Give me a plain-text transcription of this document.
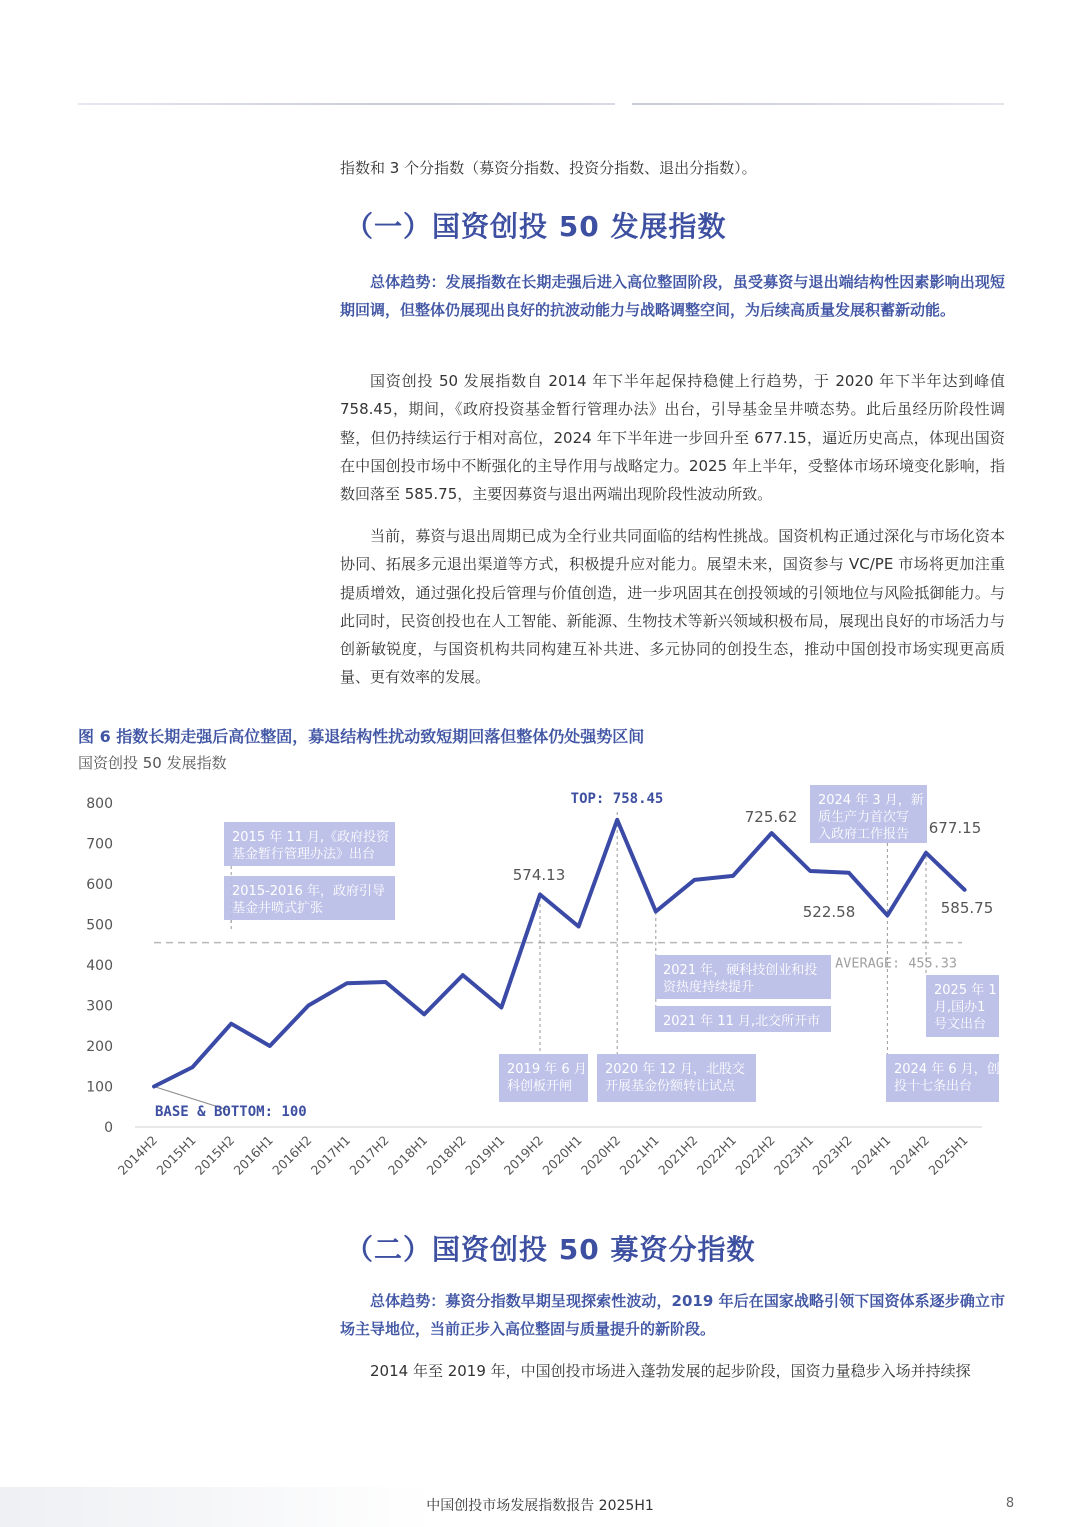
指数和 3 个分指数（募资分指数、投资分指数、退出分指数）。

（一）国资创投 50 发展指数

总体趋势：发展指数在长期走强后进入高位整固阶段，虽受募资与退出端结构性因素影响出现短期回调，但整体仍展现出良好的抗波动能力与战略调整空间，为后续高质量发展积蓄新动能。

国资创投 50 发展指数自 2014 年下半年起保持稳健上行趋势，于 2020 年下半年达到峰值 758.45，期间，《政府投资基金暂行管理办法》出台，引导基金呈井喷态势。此后虽经历阶段性调整，但仍持续运行于相对高位，2024 年下半年进一步回升至 677.15，逼近历史高点，体现出国资在中国创投市场中不断强化的主导作用与战略定力。2025 年上半年，受整体市场环境变化影响，指数回落至 585.75，主要因募资与退出两端出现阶段性波动所致。

当前，募资与退出周期已成为全行业共同面临的结构性挑战。国资机构正通过深化与市场化资本协同、拓展多元退出渠道等方式，积极提升应对能力。展望未来，国资参与 VC/PE 市场将更加注重提质增效，通过强化投后管理与价值创造，进一步巩固其在创投领域的引领地位与风险抵御能力。与此同时，民资创投也在人工智能、新能源、生物技术等新兴领域积极布局，展现出良好的市场活力与创新敏锐度，与国资机构共同构建互补共进、多元协同的创投生态，推动中国创投市场实现更高质量、更有效率的发展。

图 6 指数长期走强后高位整固，募退结构性扰动致短期回落但整体仍处强势区间

国资创投 50 发展指数

0
100
200
300
400
500
600
700
800
2014H2
2015H1
2015H2
2016H1
2016H2
2017H1
2017H2
2018H1
2018H2
2019H1
2019H2
2020H1
2020H2
2021H1
2021H2
2022H1
2022H2
2023H1
2023H2
2024H1
2024H2
2025H1
AVERAGE: 455.33
2015 年 11 月,《政府投资
基金暂行管理办法》出台
2015-2016 年，政府引导
基金井喷式扩张
2019 年 6 月,
科创板开闸
2020 年 12 月，北股交
开展基金份额转让试点
2021 年，硬科技创业和投
资热度持续提升
2021 年 11 月,北交所开市
2024 年 3 月，新
质生产力首次写
入政府工作报告
2024 年 6 月，创
投十七条出台
2025 年 1
月,国办1
号文出台
BASE & BOTTOM: 100
574.13
TOP: 758.45
725.62
522.58
677.15
585.75
（二）国资创投 50 募资分指数

总体趋势：募资分指数早期呈现探索性波动，2019 年后在国家战略引领下国资体系逐步确立市场主导地位，当前正步入高位整固与质量提升的新阶段。

2014 年至 2019 年，中国创投市场进入蓬勃发展的起步阶段，国资力量稳步入场并持续探

中国创投市场发展指数报告 2025H1	8
